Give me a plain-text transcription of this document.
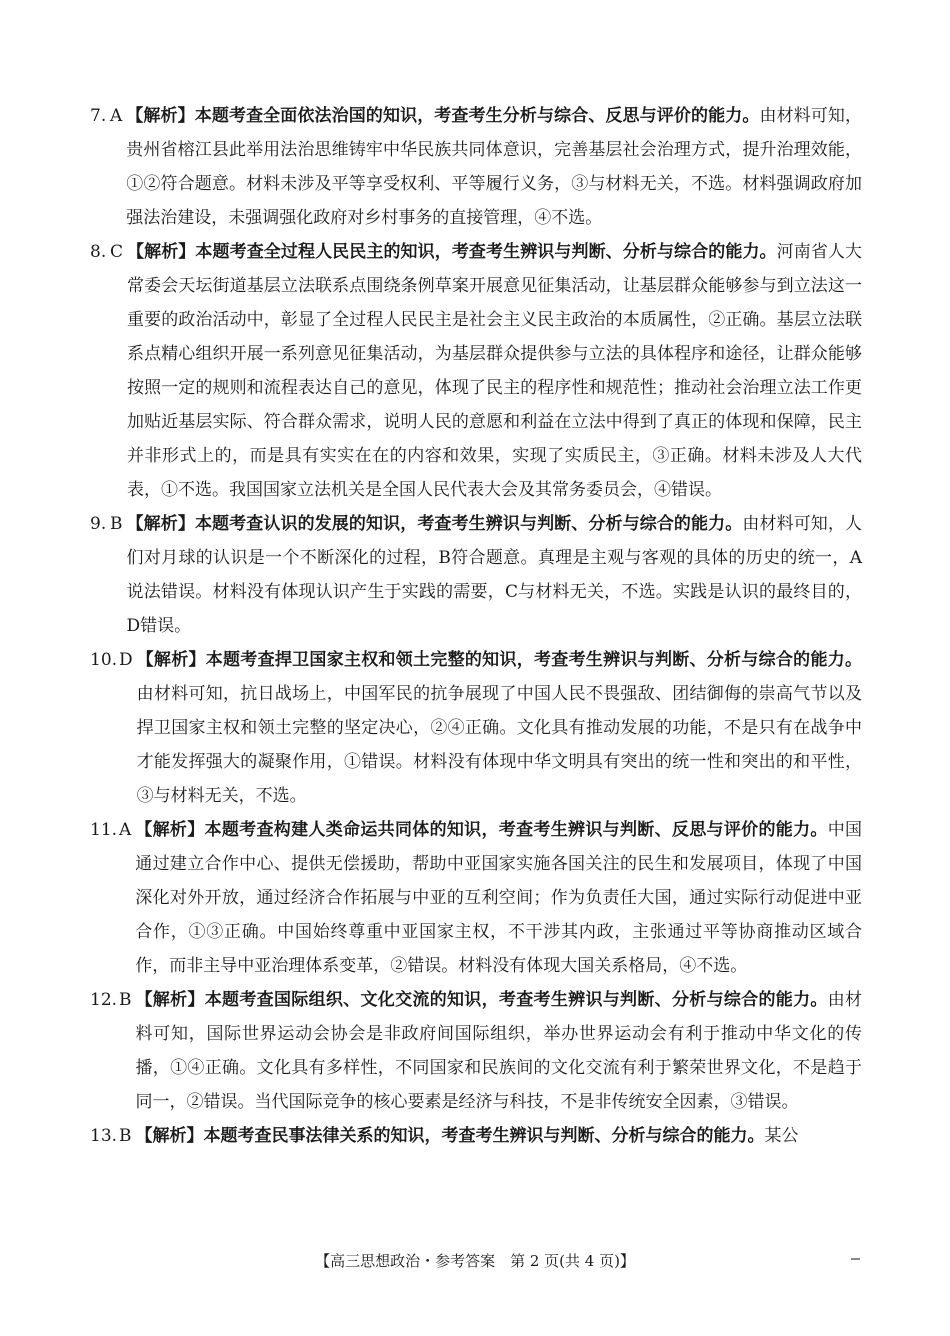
7. A 【解析】本题考查全面依法治国的知识，考查考生分析与综合、反思与评价的能力。由材料可知，贵州省榕江县此举用法治思维铸牢中华民族共同体意识，完善基层社会治理方式，提升治理效能，①②符合题意。材料未涉及平等享受权利、平等履行义务，③与材料无关，不选。材料强调政府加强法治建设，未强调强化政府对乡村事务的直接管理，④不选。
8. C 【解析】本题考查全过程人民民主的知识，考查考生辨识与判断、分析与综合的能力。河南省人大常委会天坛街道基层立法联系点围绕条例草案开展意见征集活动，让基层群众能够参与到立法这一重要的政治活动中，彰显了全过程人民民主是社会主义民主政治的本质属性，②正确。基层立法联系点精心组织开展一系列意见征集活动，为基层群众提供参与立法的具体程序和途径，让群众能够按照一定的规则和流程表达自己的意见，体现了民主的程序性和规范性；推动社会治理立法工作更加贴近基层实际、符合群众需求，说明人民的意愿和利益在立法中得到了真正的体现和保障，民主并非形式上的，而是具有实实在在的内容和效果，实现了实质民主，③正确。材料未涉及人大代表，①不选。我国国家立法机关是全国人民代表大会及其常务委员会，④错误。
9. B 【解析】本题考查认识的发展的知识，考查考生辨识与判断、分析与综合的能力。由材料可知，人们对月球的认识是一个不断深化的过程，B符合题意。真理是主观与客观的具体的历史的统一，A说法错误。材料没有体现认识产生于实践的需要，C与材料无关，不选。实践是认识的最终目的，D错误。
10. D 【解析】本题考查捍卫国家主权和领土完整的知识，考查考生辨识与判断、分析与综合的能力。由材料可知，抗日战场上，中国军民的抗争展现了中国人民不畏强敌、团结御侮的崇高气节以及捍卫国家主权和领土完整的坚定决心，②④正确。文化具有推动发展的功能，不是只有在战争中才能发挥强大的凝聚作用，①错误。材料没有体现中华文明具有突出的统一性和突出的和平性，③与材料无关，不选。
11. A 【解析】本题考查构建人类命运共同体的知识，考查考生辨识与判断、反思与评价的能力。中国通过建立合作中心、提供无偿援助，帮助中亚国家实施各国关注的民生和发展项目，体现了中国深化对外开放，通过经济合作拓展与中亚的互利空间；作为负责任大国，通过实际行动促进中亚合作，①③正确。中国始终尊重中亚国家主权，不干涉其内政，主张通过平等协商推动区域合作，而非主导中亚治理体系变革，②错误。材料没有体现大国关系格局，④不选。
12. B 【解析】本题考查国际组织、文化交流的知识，考查考生辨识与判断、分析与综合的能力。由材料可知，国际世界运动会协会是非政府间国际组织，举办世界运动会有利于推动中华文化的传播，①④正确。文化具有多样性，不同国家和民族间的文化交流有利于繁荣世界文化，不是趋于同一，②错误。当代国际竞争的核心要素是经济与科技，不是非传统安全因素，③错误。
13. B 【解析】本题考查民事法律关系的知识，考查考生辨识与判断、分析与综合的能力。某公
【高三思想政治・参考答案　第 2 页(共 4 页)】
